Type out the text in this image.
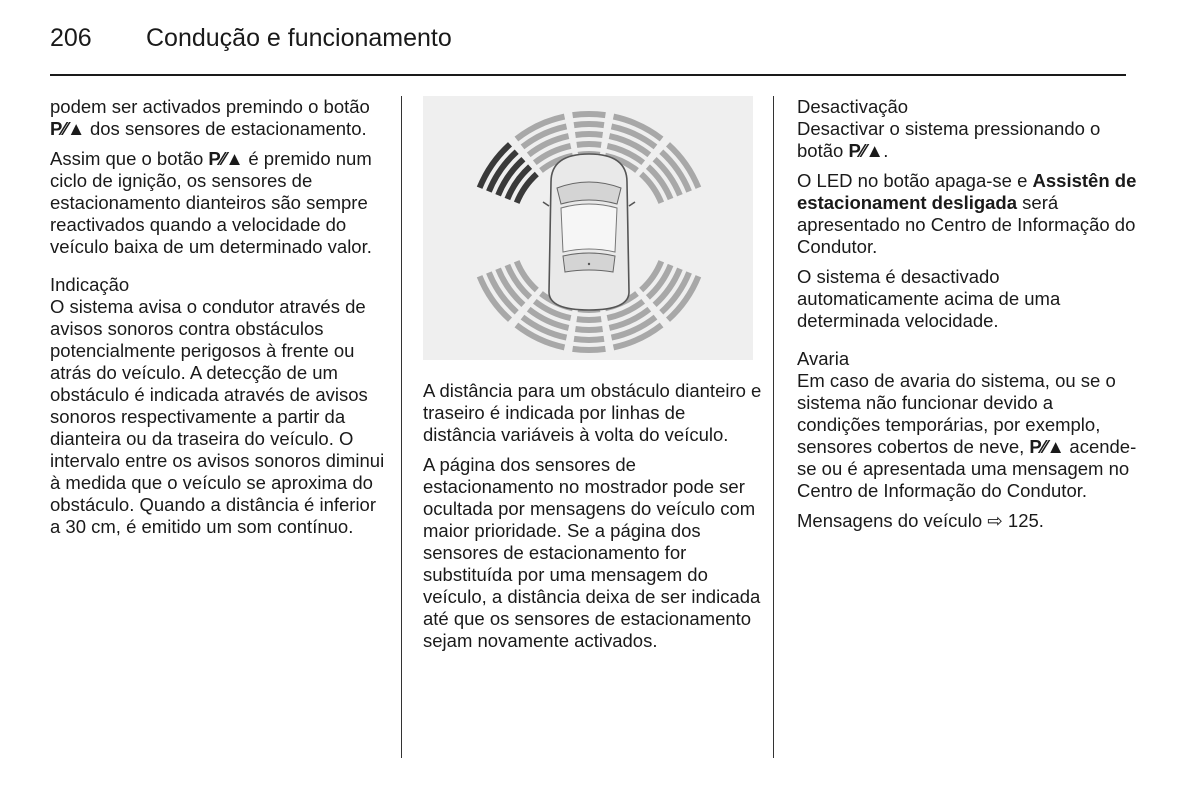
206	Condução e funcionamento

podem ser activados premindo o botão P⁄⁄▲ dos sensores de estacionamento.

Assim que o botão P⁄⁄▲ é premido num ciclo de ignição, os sensores de estacionamento dianteiros são sempre reactivados quando a velocidade do veículo baixa de um determinado valor.

Indicação

O sistema avisa o condutor através de avisos sonoros contra obstáculos potencialmente perigosos à frente ou atrás do veículo. A detecção de um obstáculo é indicada através de avisos sonoros respectivamente a partir da dianteira ou da traseira do veículo. O intervalo entre os avisos sonoros diminui à medida que o veículo se aproxima do obstáculo. Quando a distância é inferior a 30 cm, é emitido um som contínuo.

A distância para um obstáculo dianteiro e traseiro é indicada por linhas de distância variáveis à volta do veículo.

A página dos sensores de estacionamento no mostrador pode ser ocultada por mensagens do veículo com maior prioridade. Se a página dos sensores de estacionamento for substituída por uma mensagem do veículo, a distância deixa de ser indicada até que os sensores de estacionamento sejam novamente activados.

Desactivação

Desactivar o sistema pressionando o botão P⁄⁄▲.

O LED no botão apaga-se e Assistên de estacionament desligada será apresentado no Centro de Informação do Condutor.

O sistema é desactivado automaticamente acima de uma determinada velocidade.

Avaria

Em caso de avaria do sistema, ou se o sistema não funcionar devido a condições temporárias, por exemplo, sensores cobertos de neve, P⁄⁄▲ acende-se ou é apresentada uma mensagem no Centro de Informação do Condutor.

Mensagens do veículo ⇨ 125.
